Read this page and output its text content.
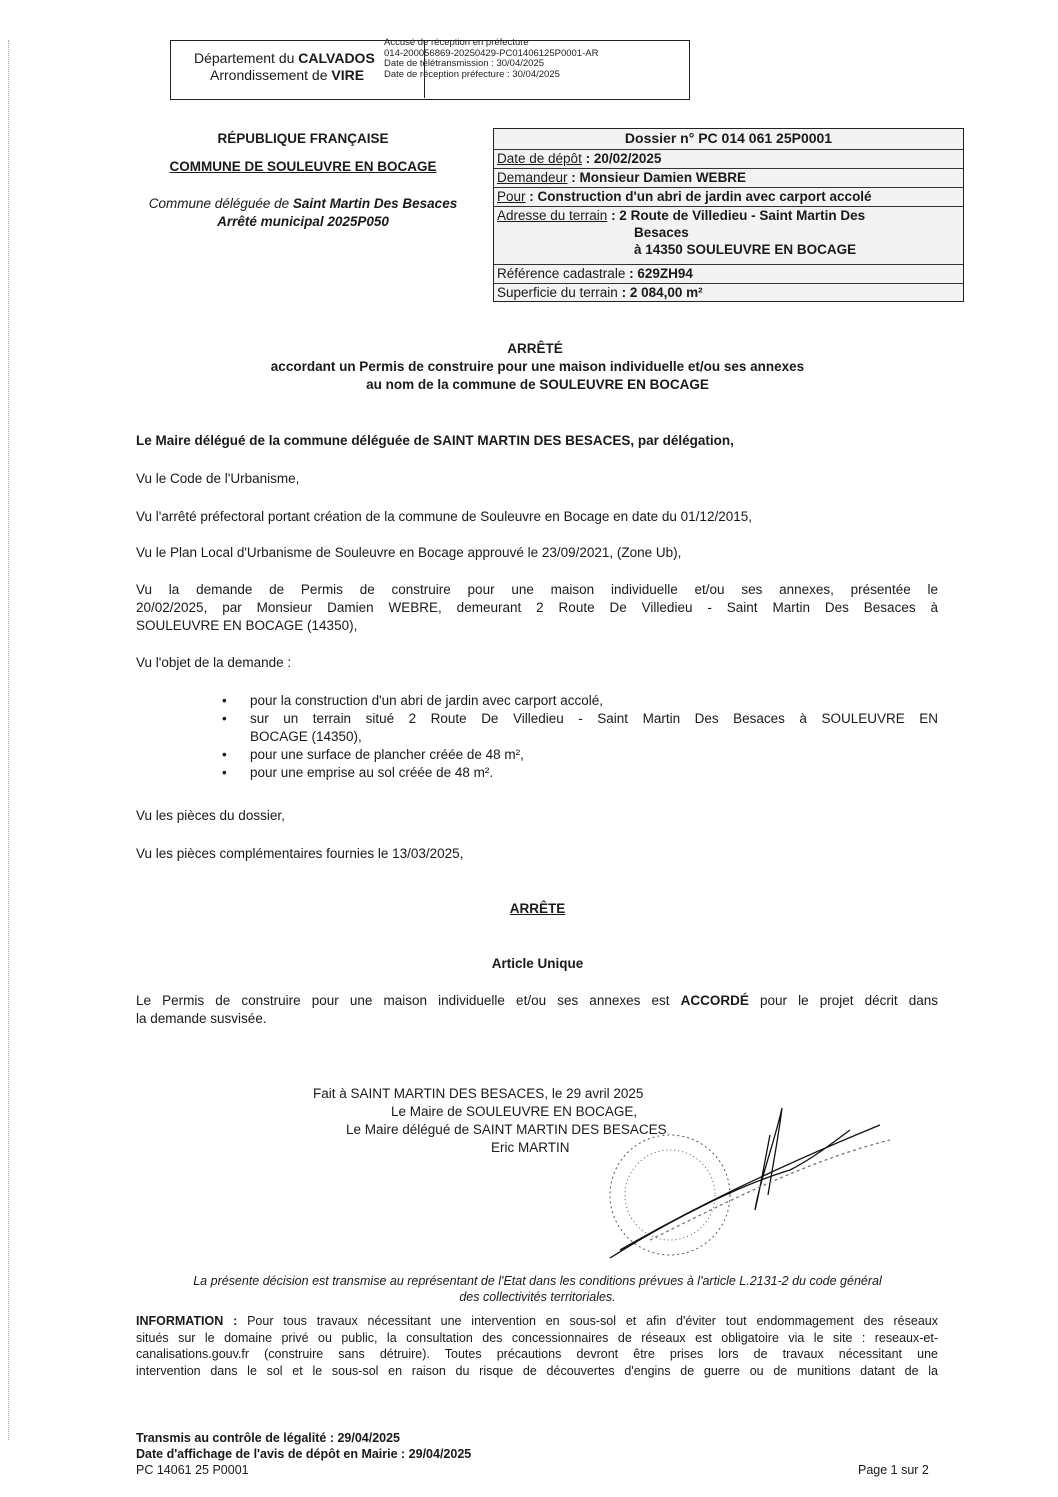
Département du CALVADOS
Arrondissement de VIRE
Accusé de réception en préfecture
014-200056869-20250429-PC01406125P0001-AR
Date de télétransmission : 30/04/2025
Date de réception préfecture : 30/04/2025
RÉPUBLIQUE FRANÇAISE
COMMUNE DE SOULEUVRE EN BOCAGE
Commune déléguée de Saint Martin Des Besaces
Arrêté municipal 2025P050
Dossier n° PC 014 061 25P0001
Date de dépôt : 20/02/2025
Demandeur : Monsieur Damien WEBRE
Pour : Construction d'un abri de jardin avec carport accolé
Adresse du terrain : 2 Route de Villedieu - Saint Martin Des
Besaces
à 14350 SOULEUVRE EN BOCAGE
Référence cadastrale : 629ZH94
Superficie du terrain : 2 084,00 m²
ARRÊTÉ
accordant un Permis de construire pour une maison individuelle et/ou ses annexes
au nom de la commune de SOULEUVRE EN BOCAGE
Le Maire délégué de la commune déléguée de SAINT MARTIN DES BESACES, par délégation,
Vu le Code de l'Urbanisme,
Vu l'arrêté préfectoral portant création de la commune de Souleuvre en Bocage en date du 01/12/2015,
Vu le Plan Local d'Urbanisme de Souleuvre en Bocage approuvé le 23/09/2021, (Zone Ub),
Vu la demande de Permis de construire pour une maison individuelle et/ou ses annexes, présentée le
20/02/2025, par Monsieur Damien WEBRE, demeurant 2 Route De Villedieu - Saint Martin Des Besaces à
SOULEUVRE EN BOCAGE (14350),
Vu l'objet de la demande :
• pour la construction d'un abri de jardin avec carport accolé,
• sur un terrain situé 2 Route De Villedieu - Saint Martin Des Besaces à SOULEUVRE EN
BOCAGE (14350),
• pour une surface de plancher créée de 48 m²,
• pour une emprise au sol créée de 48 m².
Vu les pièces du dossier,
Vu les pièces complémentaires fournies le 13/03/2025,
ARRÊTE
Article Unique
Le Permis de construire pour une maison individuelle et/ou ses annexes est ACCORDÉ pour le projet décrit dans
la demande susvisée.
Fait à SAINT MARTIN DES BESACES, le 29 avril 2025
Le Maire de SOULEUVRE EN BOCAGE,
Le Maire délégué de SAINT MARTIN DES BESACES
Eric MARTIN
La présente décision est transmise au représentant de l'Etat dans les conditions prévues à l'article L.2131-2 du code général
des collectivités territoriales.
INFORMATION : Pour tous travaux nécessitant une intervention en sous-sol et afin d'éviter tout endommagement des réseaux
situés sur le domaine privé ou public, la consultation des concessionnaires de réseaux est obligatoire via le site : reseaux-et-
canalisations.gouv.fr (construire sans détruire). Toutes précautions devront être prises lors de travaux nécessitant une
intervention dans le sol et le sous-sol en raison du risque de découvertes d'engins de guerre ou de munitions datant de la
Transmis au contrôle de légalité : 29/04/2025
Date d'affichage de l'avis de dépôt en Mairie : 29/04/2025
PC 14061 25 P0001	Page 1 sur 2
